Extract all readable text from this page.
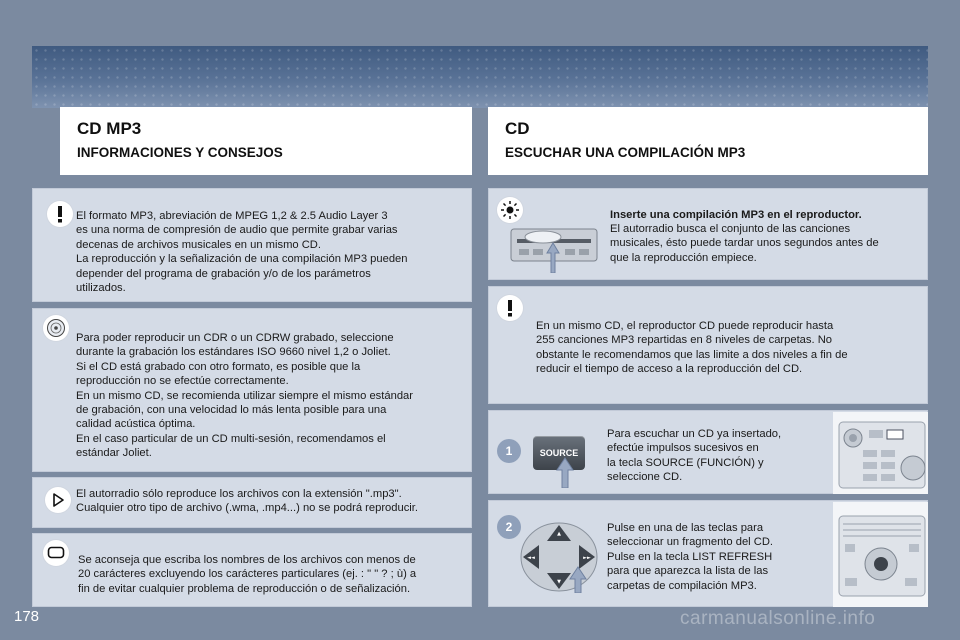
CD MP3
INFORMACIONES Y CONSEJOS
CD
ESCUCHAR UNA COMPILACIÓN MP3
El formato MP3, abreviación de MPEG 1,2 & 2.5 Audio Layer 3
es una norma de compresión de audio que permite grabar varias
decenas de archivos musicales en un mismo CD.
La reproducción y la señalización de una compilación MP3 pueden
depender del programa de grabación y/o de los parámetros
utilizados.
Para poder reproducir un CDR o un CDRW grabado, seleccione
durante la grabación los estándares ISO 9660 nivel 1,2 o Joliet.
Si el CD está grabado con otro formato, es posible que la
reproducción no se efectúe correctamente.
En un mismo CD, se recomienda utilizar siempre el mismo estándar
de grabación, con una velocidad lo más lenta posible para una
calidad acústica óptima.
En el caso particular de un CD multi-sesión, recomendamos el
estándar Joliet.
El autorradio sólo reproduce los archivos con la extensión ".mp3".
Cualquier otro tipo de archivo (.wma, .mp4...) no se podrá reproducir.
Se aconseja que escriba los nombres de los archivos con menos de
20 carácteres excluyendo los carácteres particulares (ej. : " " ? ; ù) a
fin de evitar cualquier problema de reproducción o de señalización.
Inserte una compilación MP3 en el reproductor.
El autorradio busca el conjunto de las canciones
musicales, ésto puede tardar unos segundos antes de
que la reproducción empiece.
En un mismo CD, el reproductor CD puede reproducir hasta
255 canciones MP3 repartidas en 8 niveles de carpetas. No
obstante le recomendamos que las limite a dos niveles a fin de
reducir el tiempo de acceso a la reproducción del CD.
1
Para escuchar un CD ya insertado,
efectúe impulsos sucesivos en
la tecla SOURCE (FUNCIÓN) y
seleccione CD.
SOURCE
2	Pulse en una de las teclas para
seleccionar un fragmento del CD.
Pulse en la tecla LIST REFRESH
para que aparezca la lista de las
carpetas de compilación MP3.
▲
▼
◄◄	►►
178	carmanualsonline.info
